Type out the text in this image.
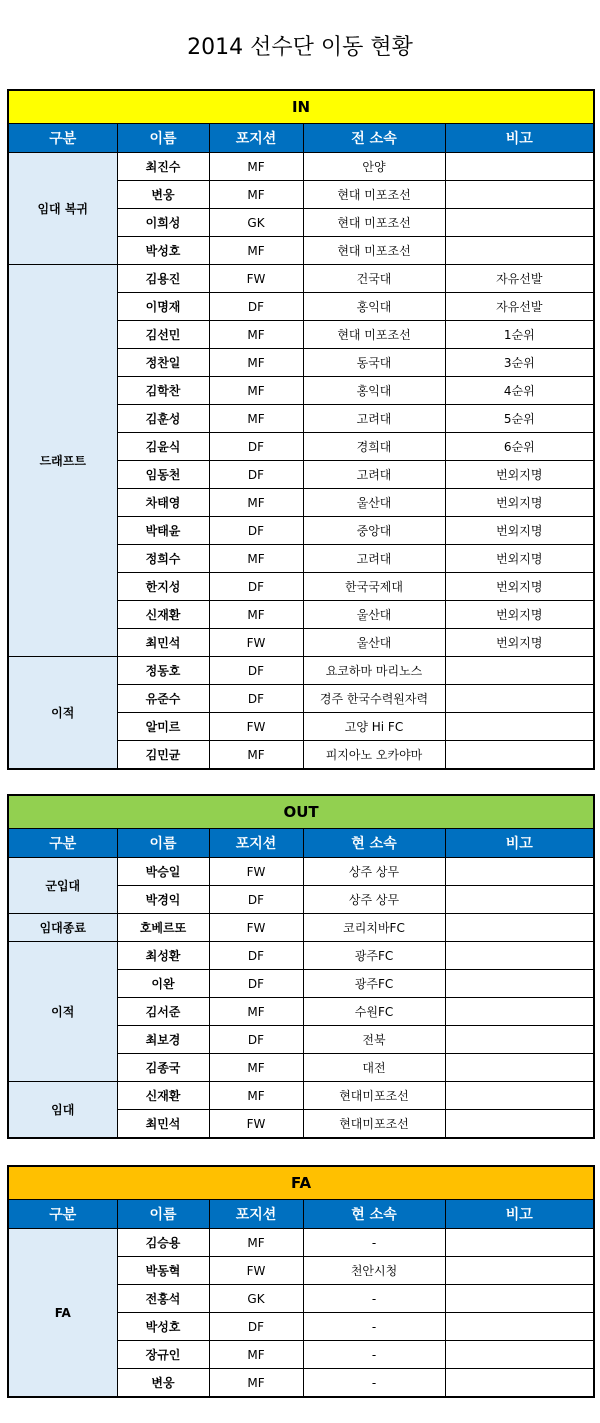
2014 선수단 이동 현황
IN				
구분	이름	포지션	전 소속	비고
임대 복귀	최진수	MF	안양	
	변웅	MF	현대 미포조선	
	이희성	GK	현대 미포조선	
	박성호	MF	현대 미포조선	
드래프트	김용진	FW	건국대	자유선발
	이명재	DF	홍익대	자유선발
	김선민	MF	현대 미포조선	1순위
	정찬일	MF	동국대	3순위
	김학찬	MF	홍익대	4순위
	김훈성	MF	고려대	5순위
	김윤식	DF	경희대	6순위
	임동천	DF	고려대	번외지명
	차태영	MF	울산대	번외지명
	박태윤	DF	중앙대	번외지명
	정희수	MF	고려대	번외지명
	한지성	DF	한국국제대	번외지명
	신재환	MF	울산대	번외지명
	최민석	FW	울산대	번외지명
이적	정동호	DF	요코하마 마리노스	
	유준수	DF	경주 한국수력원자력	
	알미르	FW	고양 Hi FC	
	김민균	MF	피지아노 오카야마	
OUT				
구분	이름	포지션	현 소속	비고
군입대	박승일	FW	상주 상무	
	박경익	DF	상주 상무	
임대종료	호베르또	FW	코리치바FC	
이적	최성환	DF	광주FC	
	이완	DF	광주FC	
	김서준	MF	수원FC	
	최보경	DF	전북	
	김종국	MF	대전	
임대	신재환	MF	현대미포조선	
	최민석	FW	현대미포조선	
FA				
구분	이름	포지션	현 소속	비고
FA	김승용	MF	-	
	박동혁	FW	천안시청	
	전홍석	GK	-	
	박성호	DF	-	
	장규인	MF	-	
	변웅	MF	-	
